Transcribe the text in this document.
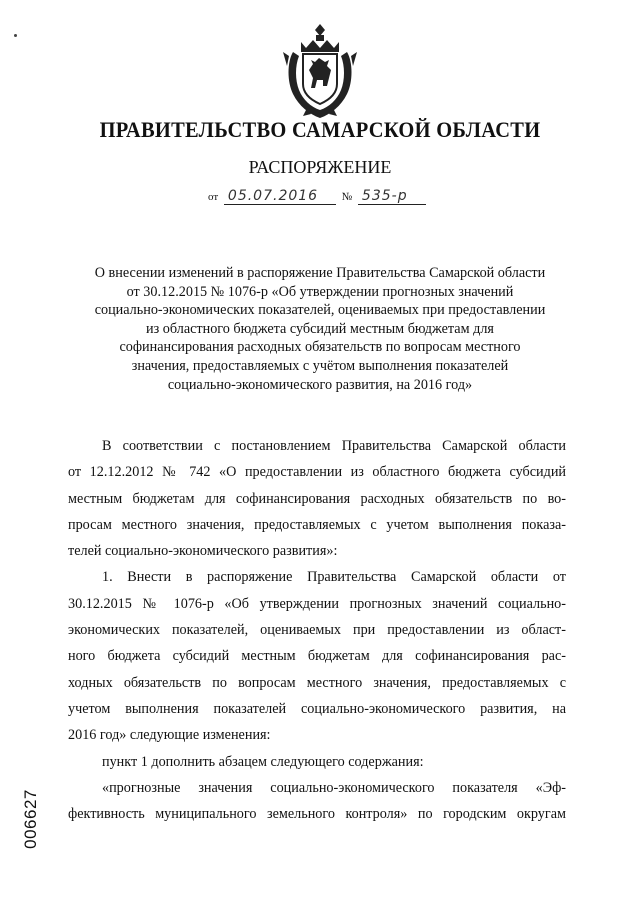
ПРАВИТЕЛЬСТВО САМАРСКОЙ ОБЛАСТИ
РАСПОРЯЖЕНИЕ
от 05.07.2016 № 535-р
О внесении изменений в распоряжение Правительства Самарской области
от 30.12.2015 № 1076-р «Об утверждении прогнозных значений
социально-экономических показателей, оцениваемых при предоставлении
из областного бюджета субсидий местным бюджетам для
софинансирования расходных обязательств по вопросам местного
значения, предоставляемых с учётом выполнения показателей
социально-экономического развития, на 2016 год»
В соответствии с постановлением Правительства Самарской области
от 12.12.2012 № 742 «О предоставлении из областного бюджета субсидий
местным бюджетам для софинансирования расходных обязательств по во-
просам местного значения, предоставляемых с учетом выполнения показа-
телей социально-экономического развития»:
1. Внести в распоряжение Правительства Самарской области от
30.12.2015 № 1076-р «Об утверждении прогнозных значений социально-
экономических показателей, оцениваемых при предоставлении из област-
ного бюджета субсидий местным бюджетам для софинансирования рас-
ходных обязательств по вопросам местного значения, предоставляемых с
учетом выполнения показателей социально-экономического развития, на
2016 год» следующие изменения:
пункт 1 дополнить абзацем следующего содержания:
«прогнозные значения социально-экономического показателя «Эф-
фективность муниципального земельного контроля» по городским округам
006627
